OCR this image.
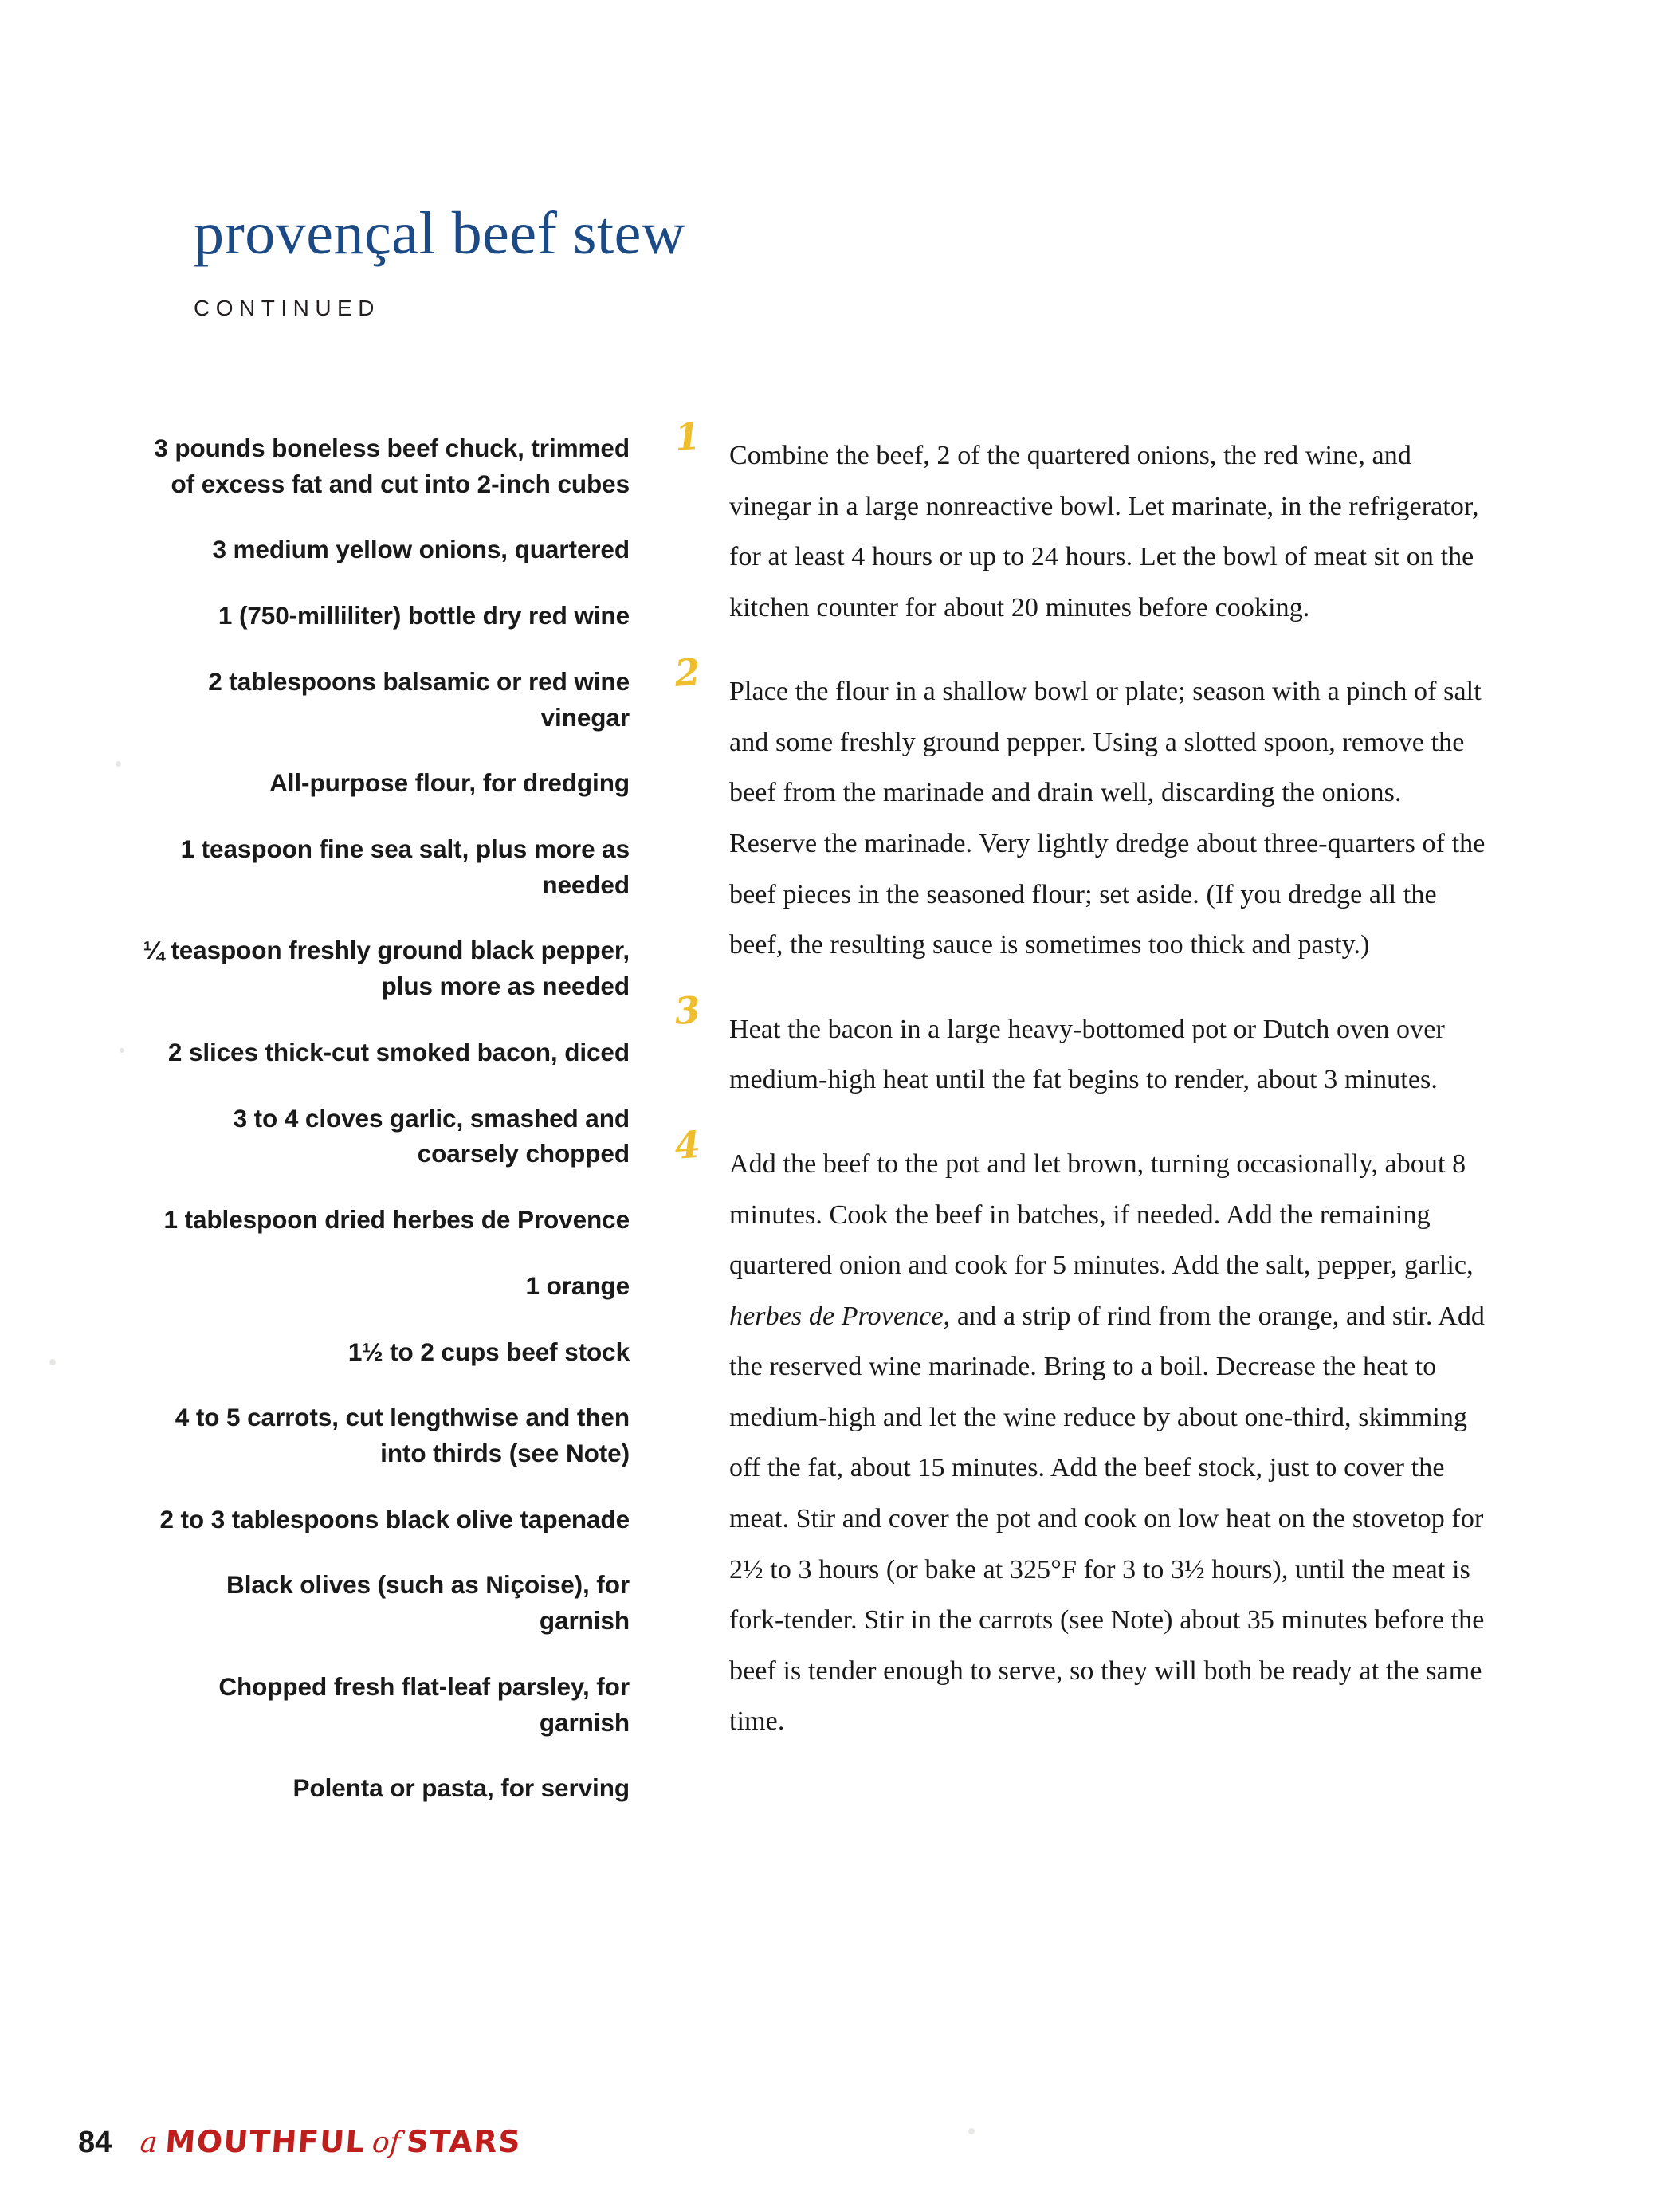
provençal beef stew
CONTINUED

3 pounds boneless beef chuck, trimmed of excess fat and cut into 2-inch cubes

3 medium yellow onions, quartered

1 (750-milliliter) bottle dry red wine

2 tablespoons balsamic or red wine vinegar

All-purpose flour, for dredging

1 teaspoon fine sea salt, plus more as needed

¼ teaspoon freshly ground black pepper, plus more as needed

2 slices thick-cut smoked bacon, diced

3 to 4 cloves garlic, smashed and coarsely chopped

1 tablespoon dried herbes de Provence

1 orange

1½ to 2 cups beef stock

4 to 5 carrots, cut lengthwise and then into thirds (see Note)

2 to 3 tablespoons black olive tapenade

Black olives (such as Niçoise), for garnish

Chopped fresh flat-leaf parsley, for garnish

Polenta or pasta, for serving

1	Combine the beef, 2 of the quartered onions, the red wine, and vinegar in a large nonreactive bowl. Let marinate, in the refrigerator, for at least 4 hours or up to 24 hours. Let the bowl of meat sit on the kitchen counter for about 20 minutes before cooking.
2	Place the flour in a shallow bowl or plate; season with a pinch of salt and some freshly ground pepper. Using a slotted spoon, remove the beef from the marinade and drain well, discarding the onions. Reserve the marinade. Very lightly dredge about three-quarters of the beef pieces in the seasoned flour; set aside. (If you dredge all the beef, the resulting sauce is sometimes too thick and pasty.)
3	Heat the bacon in a large heavy-bottomed pot or Dutch oven over medium-high heat until the fat begins to render, about 3 minutes.
4	Add the beef to the pot and let brown, turning occasionally, about 8 minutes. Cook the beef in batches, if needed. Add the remaining quartered onion and cook for 5 minutes. Add the salt, pepper, garlic, herbes de Provence, and a strip of rind from the orange, and stir. Add the reserved wine marinade. Bring to a boil. Decrease the heat to medium-high and let the wine reduce by about one-third, skimming off the fat, about 15 minutes. Add the beef stock, just to cover the meat. Stir and cover the pot and cook on low heat on the stovetop for 2½ to 3 hours (or bake at 325°F for 3 to 3½ hours), until the meat is fork-tender. Stir in the carrots (see Note) about 35 minutes before the beef is tender enough to serve, so they will both be ready at the same time.
84 a MOUTHFUL of STARS
